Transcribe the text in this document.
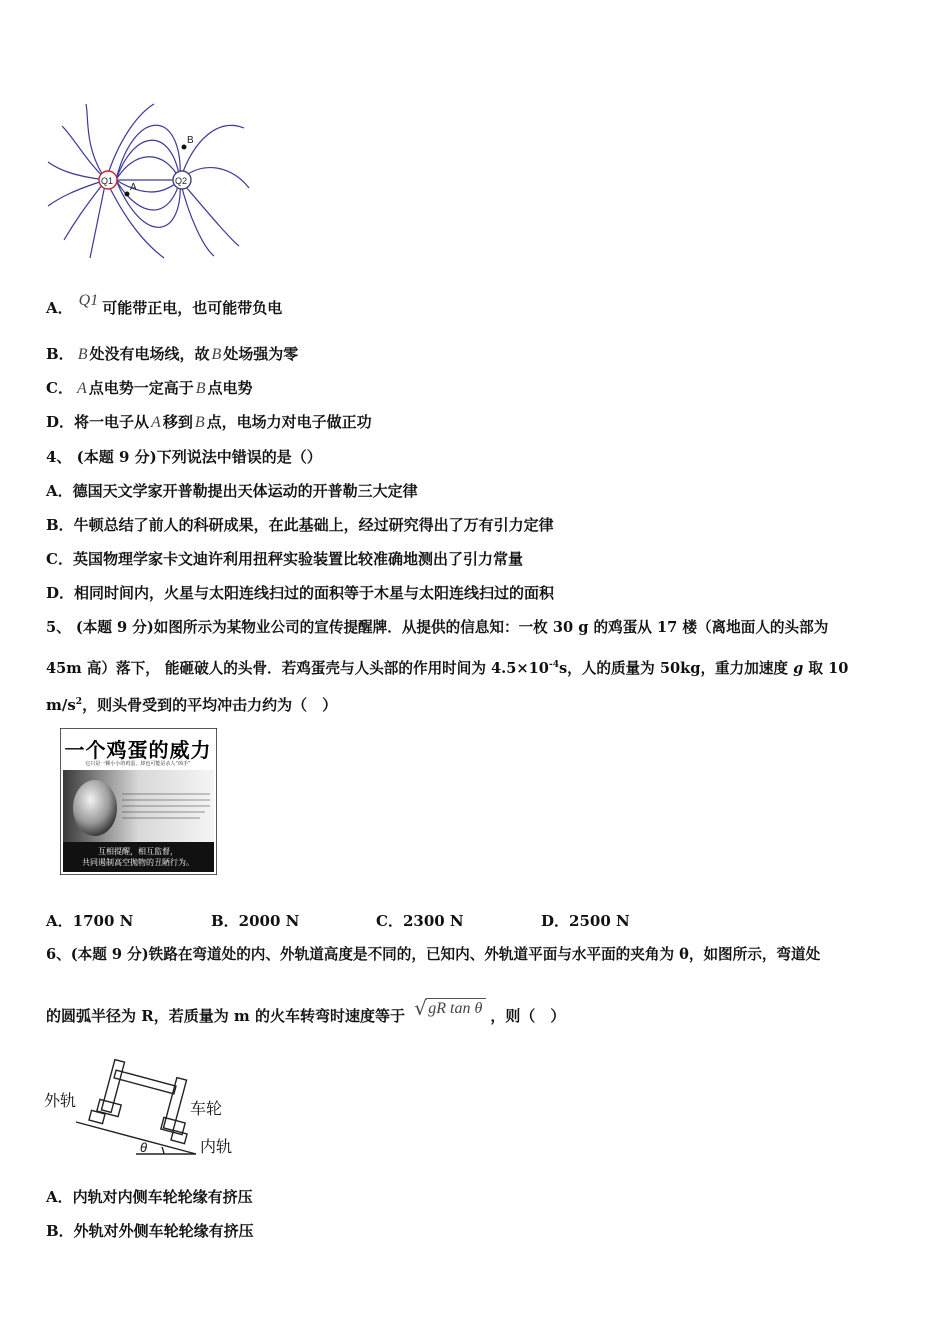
Q1	Q2
A
B
A． Q1 可能带正电，也可能带负电
B． B 处没有电场线，故 B 处场强为零
C． A 点电势一定高于 B 点电势
D．将一电子从 A 移到 B 点，电场力对电子做正功
4、 (本题 9 分)下列说法中错误的是（）
A．德国天文学家开普勒提出天体运动的开普勒三大定律
B．牛顿总结了前人的科研成果，在此基础上，经过研究得出了万有引力定律
C．英国物理学家卡文迪许利用扭秤实验装置比较准确地测出了引力常量
D．相同时间内，火星与太阳连线扫过的面积等于木星与太阳连线扫过的面积
5、 (本题 9 分)如图所示为某物业公司的宣传提醒牌．从提供的信息知：一枚 30 g 的鸡蛋从 17 楼（离地面人的头部为
45m 高）落下， 能砸破人的头骨．若鸡蛋壳与人头部的作用时间为 $4.5\times 10^{-4}s$，人的质量为 50kg，重力加速度 g 取 10
$m/s^2$，则头骨受到的平均冲击力约为（　）
一个鸡蛋的威力
它只是一颗小小的鸡蛋，却也可能是杀人“凶手”
互相提醒，相互监督，
共同遏制高空抛物的丑陋行为。
A．1700 N	B．2000 N	C．2300 N	D．2500 N
6、(本题 9 分)铁路在弯道处的内、外轨道高度是不同的，已知内、外轨道平面与水平面的夹角为 θ，如图所示，弯道处
的圆弧半径为 R，若质量为 m 的火车转弯时速度等于 √ gR tan θ ，则（　）
外轨	车轮
内轨
θ
A．内轨对内侧车轮轮缘有挤压
B．外轨对外侧车轮轮缘有挤压
